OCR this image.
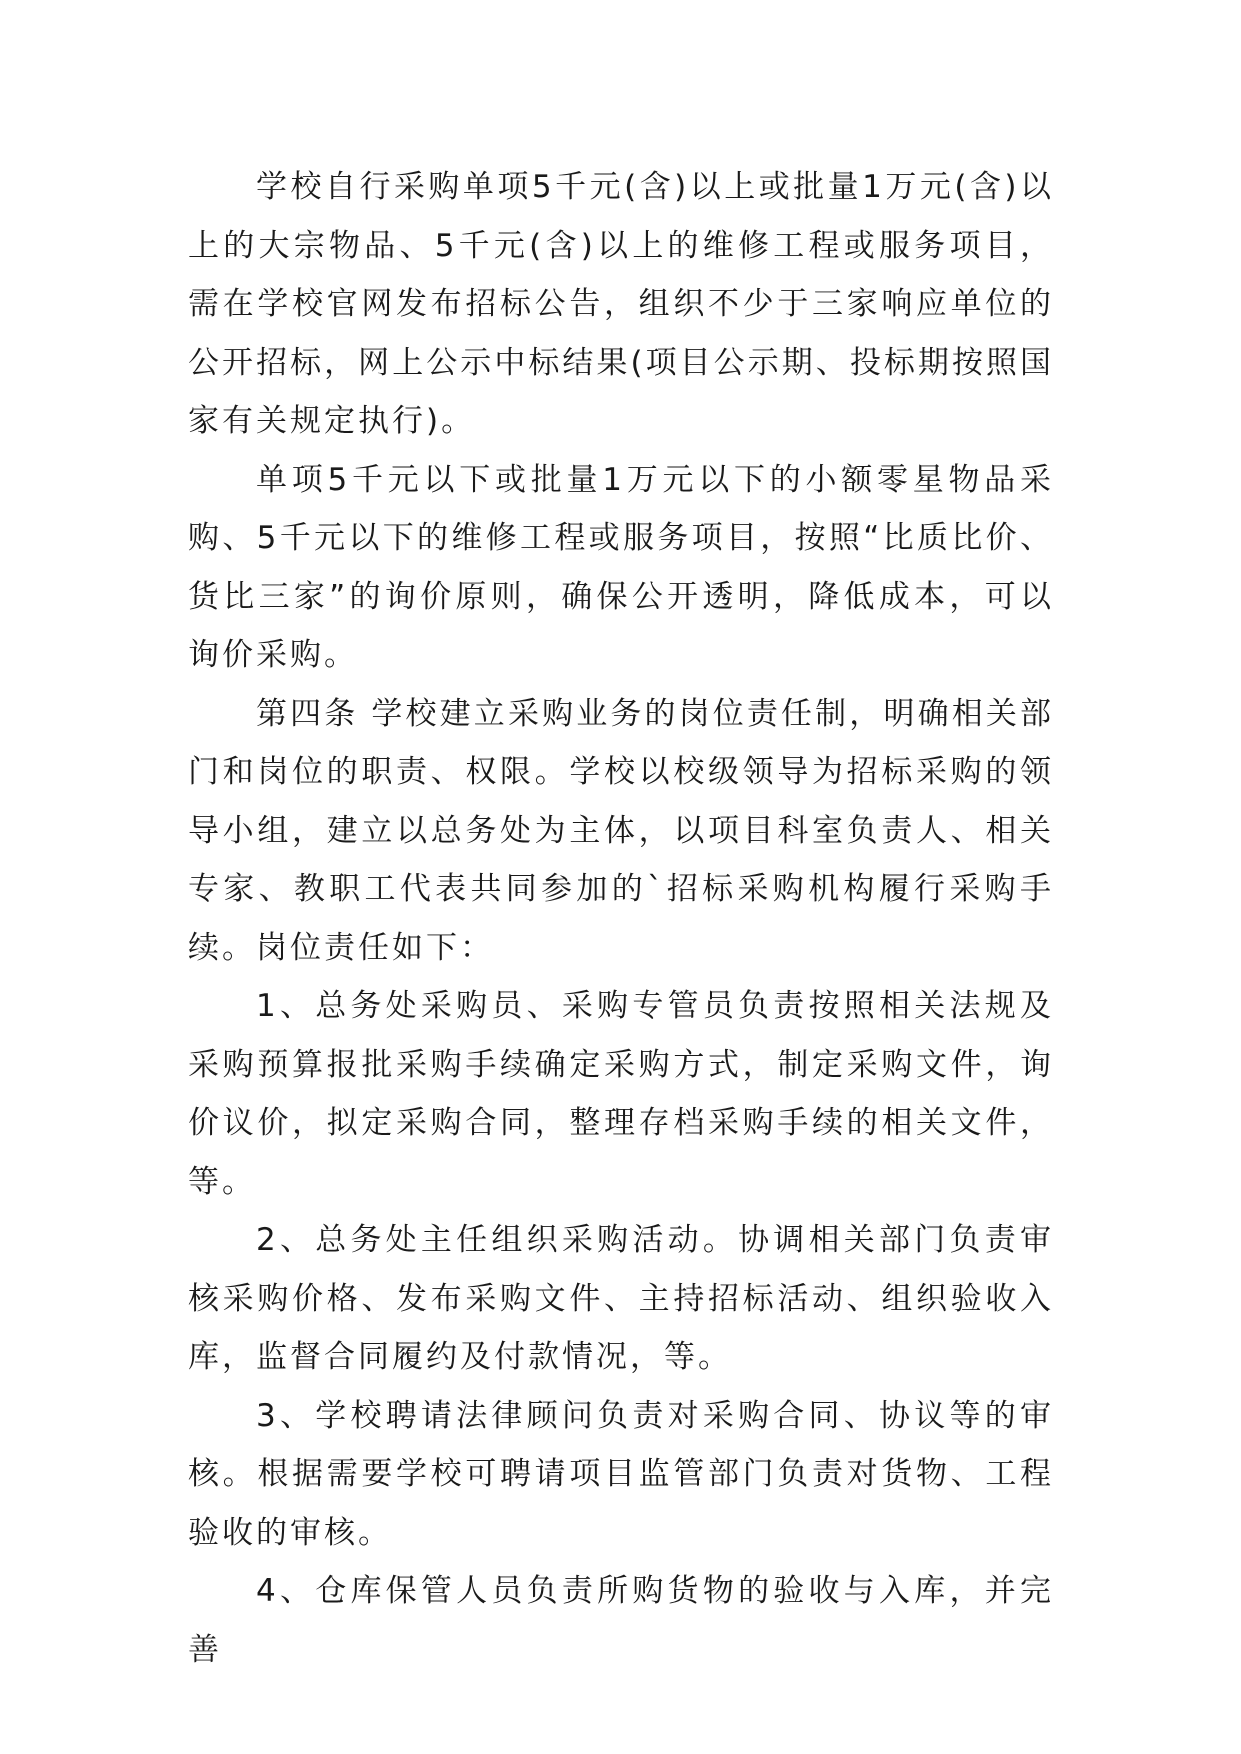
学校自行采购单项5千元(含)以上或批量1万元(含)以上的大宗物品、5千元(含)以上的维修工程或服务项目，需在学校官网发布招标公告，组织不少于三家响应单位的公开招标，网上公示中标结果(项目公示期、投标期按照国家有关规定执行)。

单项5千元以下或批量1万元以下的小额零星物品采购、5千元以下的维修工程或服务项目，按照“比质比价、货比三家”的询价原则，确保公开透明，降低成本，可以询价采购。

第四条 学校建立采购业务的岗位责任制，明确相关部门和岗位的职责、权限。学校以校级领导为招标采购的领导小组，建立以总务处为主体，以项目科室负责人、相关专家、教职工代表共同参加的`招标采购机构履行采购手续。岗位责任如下：

1、总务处采购员、采购专管员负责按照相关法规及采购预算报批采购手续确定采购方式，制定采购文件，询价议价，拟定采购合同，整理存档采购手续的相关文件，等。

2、总务处主任组织采购活动。协调相关部门负责审核采购价格、发布采购文件、主持招标活动、组织验收入库，监督合同履约及付款情况，等。

3、学校聘请法律顾问负责对采购合同、协议等的审核。根据需要学校可聘请项目监管部门负责对货物、工程验收的审核。

4、仓库保管人员负责所购货物的验收与入库，并完善
